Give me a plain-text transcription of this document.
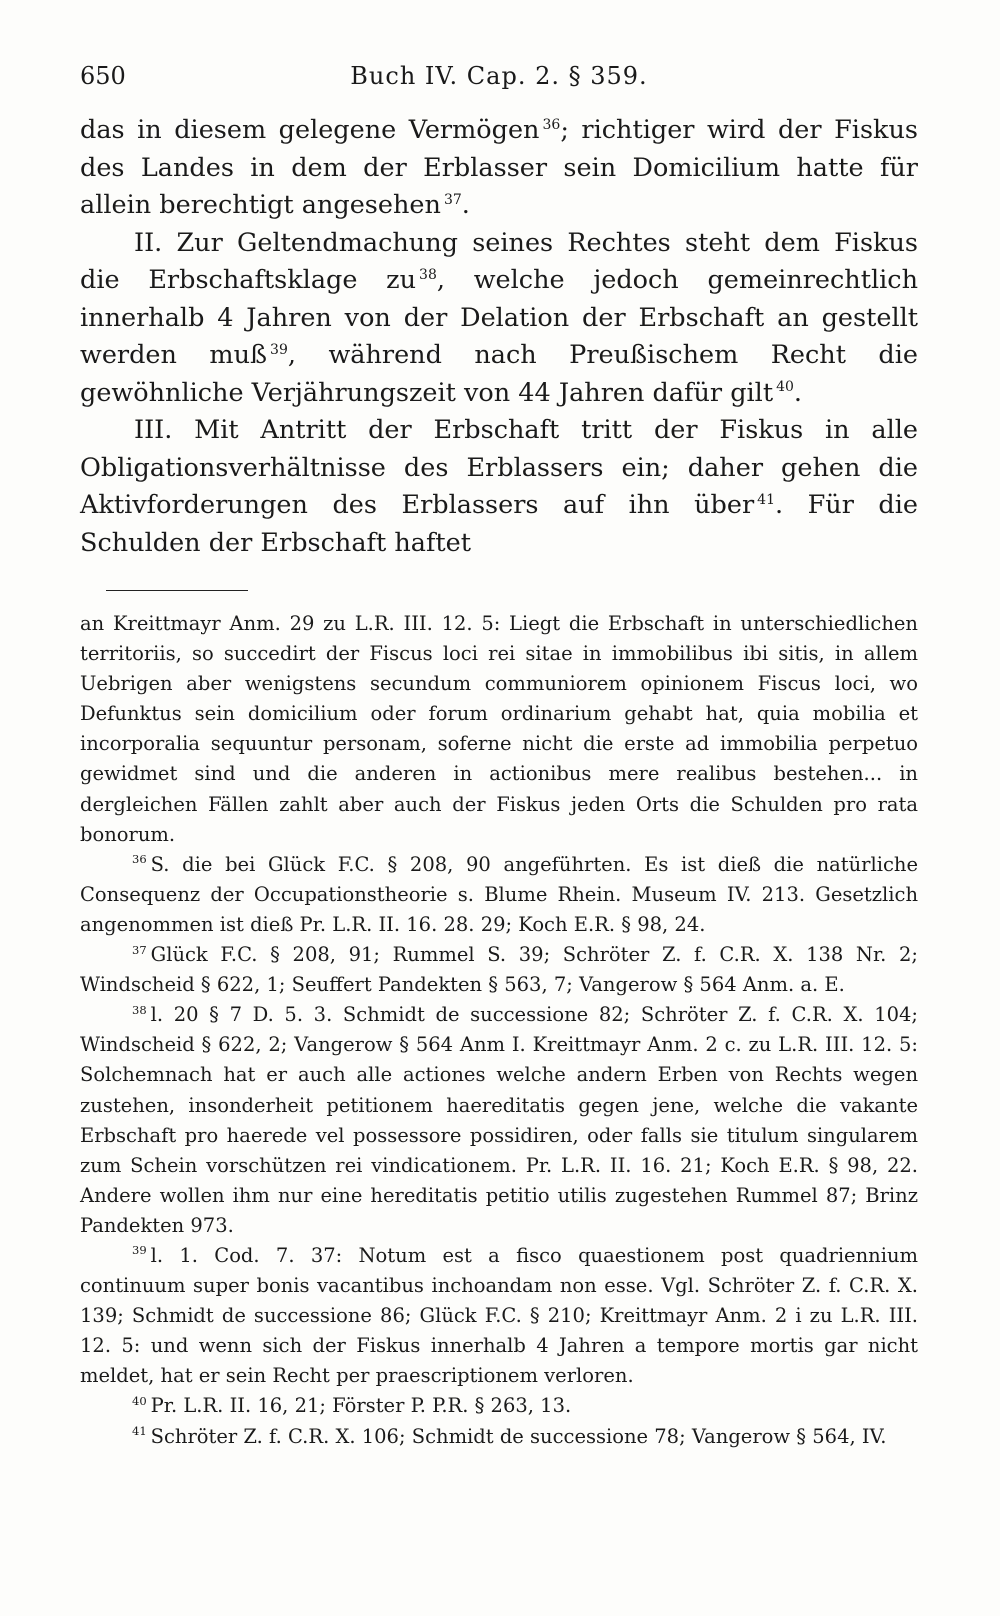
650	Buch IV. Cap. 2. § 359.

das in diesem gelegene Vermögen $^{36}$; richtiger wird der Fiskus des Landes in dem der Erblasser sein Domicilium hatte für allein berechtigt angesehen $^{37}$.

II. Zur Geltendmachung seines Rechtes steht dem Fiskus die Erbschaftsklage zu $^{38}$, welche jedoch gemeinrechtlich innerhalb 4 Jahren von der Delation der Erbschaft an gestellt werden muß $^{39}$, während nach Preußischem Recht die gewöhnliche Verjährungszeit von 44 Jahren dafür gilt $^{40}$.

III. Mit Antritt der Erbschaft tritt der Fiskus in alle Obligationsverhältnisse des Erblassers ein; daher gehen die Aktivforderungen des Erblassers auf ihn über $^{41}$. Für die Schulden der Erbschaft haftet

an Kreittmayr Anm. 29 zu L.R. III. 12. 5: Liegt die Erbschaft in unterschiedlichen territoriis, so succedirt der Fiscus loci rei sitae in immobilibus ibi sitis, in allem Uebrigen aber wenigstens secundum communiorem opinionem Fiscus loci, wo Defunktus sein domicilium oder forum ordinarium gehabt hat, quia mobilia et incorporalia sequuntur personam, soferne nicht die erste ad immobilia perpetuo gewidmet sind und die anderen in actionibus mere realibus bestehen... in dergleichen Fällen zahlt aber auch der Fiskus jeden Orts die Schulden pro rata bonorum.

$^{36}$ S. die bei Glück F.C. § 208, 90 angeführten. Es ist dieß die natürliche Consequenz der Occupationstheorie s. Blume Rhein. Museum IV. 213. Gesetzlich angenommen ist dieß Pr. L.R. II. 16. 28. 29; Koch E.R. § 98, 24.

$^{37}$ Glück F.C. § 208, 91; Rummel S. 39; Schröter Z. f. C.R. X. 138 Nr. 2; Windscheid § 622, 1; Seuffert Pandekten § 563, 7; Vangerow § 564 Anm. a. E.

$^{38}$ l. 20 § 7 D. 5. 3. Schmidt de successione 82; Schröter Z. f. C.R. X. 104; Windscheid § 622, 2; Vangerow § 564 Anm I. Kreittmayr Anm. 2 c. zu L.R. III. 12. 5: Solchemnach hat er auch alle actiones welche andern Erben von Rechts wegen zustehen, insonderheit petitionem haereditatis gegen jene, welche die vakante Erbschaft pro haerede vel possessore possidiren, oder falls sie titulum singularem zum Schein vorschützen rei vindicationem. Pr. L.R. II. 16. 21; Koch E.R. § 98, 22. Andere wollen ihm nur eine hereditatis petitio utilis zugestehen Rummel 87; Brinz Pandekten 973.

$^{39}$ l. 1. Cod. 7. 37: Notum est a fisco quaestionem post quadriennium continuum super bonis vacantibus inchoandam non esse. Vgl. Schröter Z. f. C.R. X. 139; Schmidt de successione 86; Glück F.C. § 210; Kreittmayr Anm. 2 i zu L.R. III. 12. 5: und wenn sich der Fiskus innerhalb 4 Jahren a tempore mortis gar nicht meldet, hat er sein Recht per praescriptionem verloren.

$^{40}$ Pr. L.R. II. 16, 21; Förster P. P.R. § 263, 13.

$^{41}$ Schröter Z. f. C.R. X. 106; Schmidt de successione 78; Vangerow § 564, IV.
